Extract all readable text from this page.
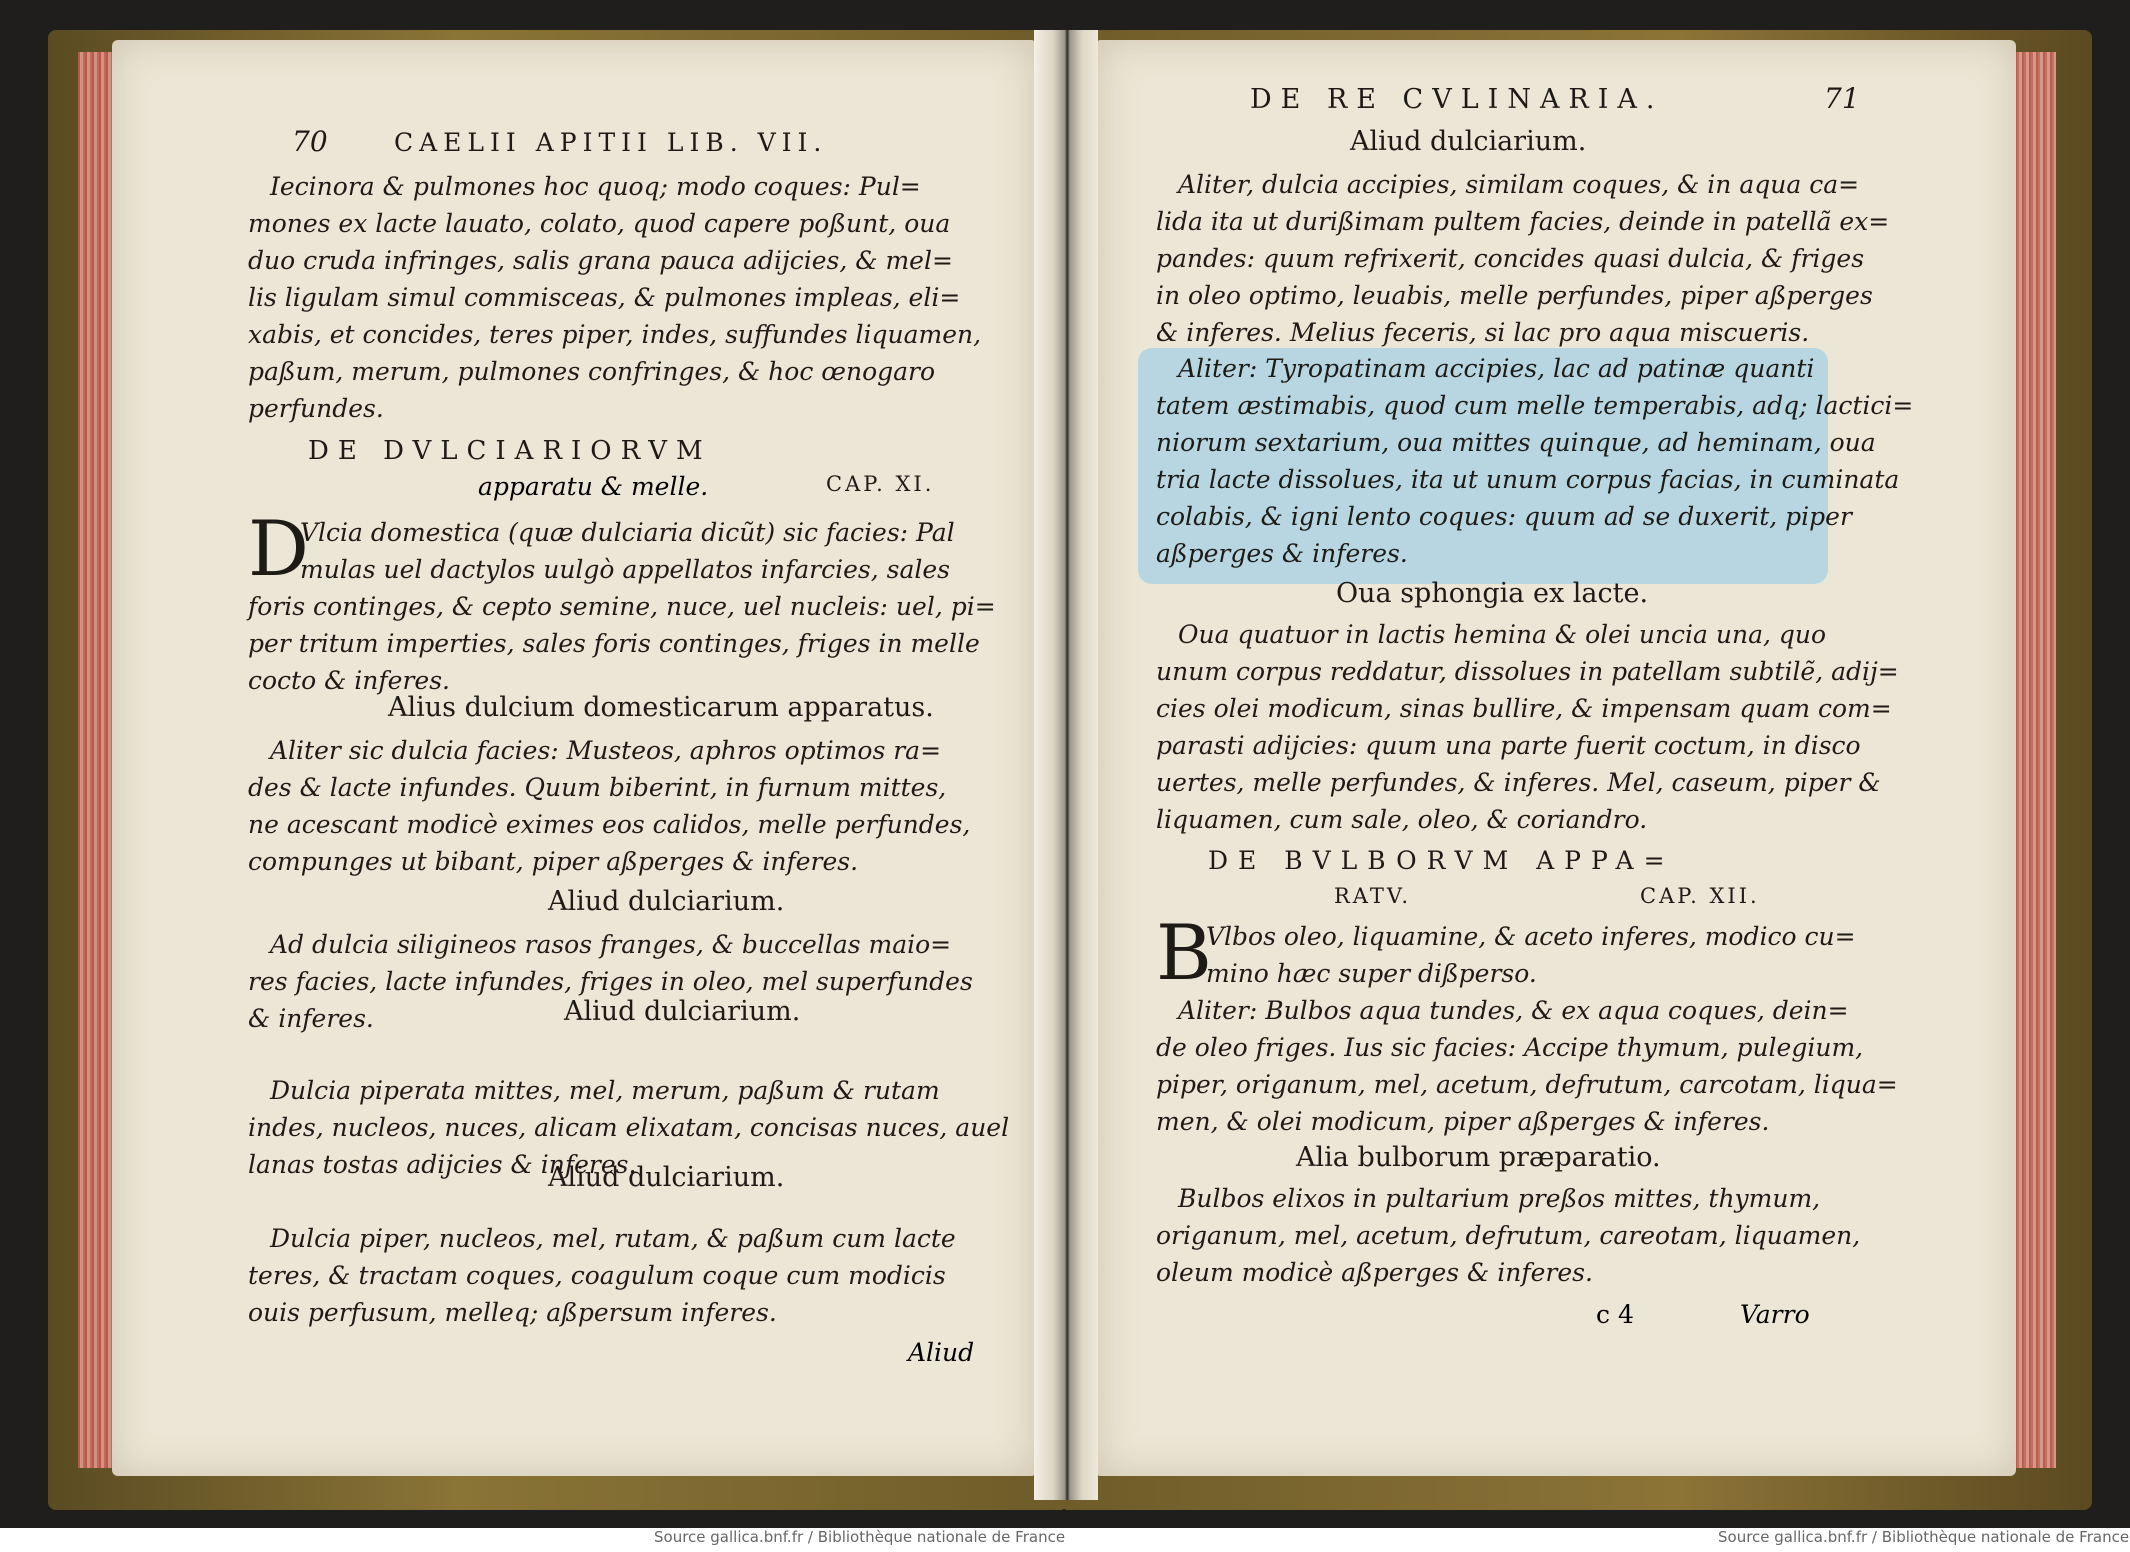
70	CAELII APITII LIB. VII.
Iecinora & pulmones hoc quoq; modo coques: Pul=
mones ex lacte lauato, colato, quod capere poßunt, oua
duo cruda infringes, salis grana pauca adijcies, & mel=
lis ligulam simul commisceas, & pulmones impleas, eli=
xabis, et concides, teres piper, indes, suffundes liquamen,
paßum, merum, pulmones confringes, & hoc œnogaro
perfundes.
DE DVLCIARIORVM
apparatu & melle.	CAP. XI.
D
Vlcia domestica (quæ dulciaria dicũt) sic facies: Pal
mulas uel dactylos uulgò appellatos infarcies, sales
foris continges, & cepto semine, nuce, uel nucleis: uel, pi=
per tritum imperties, sales foris continges, friges in melle
cocto & inferes.
Alius dulcium domesticarum apparatus.
Aliter sic dulcia facies: Musteos, aphros optimos ra=
des & lacte infundes. Quum biberint, in furnum mittes,
ne acescant modicè eximes eos calidos, melle perfundes,
compunges ut bibant, piper aßperges & inferes.
Aliud dulciarium.
Ad dulcia siligineos rasos franges, & buccellas maio=
res facies, lacte infundes, friges in oleo, mel superfundes
& inferes.	Aliud dulciarium.
Dulcia piperata mittes, mel, merum, paßum & rutam
indes, nucleos, nuces, alicam elixatam, concisas nuces, auel
lanas tostas adijcies & inferes.
Aliud dulciarium.
Dulcia piper, nucleos, mel, rutam, & paßum cum lacte
teres, & tractam coques, coagulum coque cum modicis
ouis perfusum, melleq; aßpersum inferes.
Aliud
DE RE CVLINARIA.	71
Aliud dulciarium.
Aliter, dulcia accipies, similam coques, & in aqua ca=
lida ita ut durißimam pultem facies, deinde in patellã ex=
pandes: quum refrixerit, concides quasi dulcia, & friges
in oleo optimo, leuabis, melle perfundes, piper aßperges
& inferes. Melius feceris, si lac pro aqua miscueris.
Aliter: Tyropatinam accipies, lac ad patinæ quanti
tatem æstimabis, quod cum melle temperabis, adq; lactici=
niorum sextarium, oua mittes quinque, ad heminam, oua
tria lacte dissolues, ita ut unum corpus facias, in cuminata
colabis, & igni lento coques: quum ad se duxerit, piper
aßperges & inferes.
Oua sphongia ex lacte.
Oua quatuor in lactis hemina & olei uncia una, quo
unum corpus reddatur, dissolues in patellam subtilẽ, adij=
cies olei modicum, sinas bullire, & impensam quam com=
parasti adijcies: quum una parte fuerit coctum, in disco
uertes, melle perfundes, & inferes. Mel, caseum, piper &
liquamen, cum sale, oleo, & coriandro.
DE BVLBORVM APPA=
RATV.	CAP. XII.
B
Vlbos oleo, liquamine, & aceto inferes, modico cu=
mino hæc super dißperso.
Aliter: Bulbos aqua tundes, & ex aqua coques, dein=
de oleo friges. Ius sic facies: Accipe thymum, pulegium,
piper, origanum, mel, acetum, defrutum, carcotam, liqua=
men, & olei modicum, piper aßperges & inferes.
Alia bulborum præparatio.
Bulbos elixos in pultarium preßos mittes, thymum,
origanum, mel, acetum, defrutum, careotam, liquamen,
oleum modicè aßperges & inferes.
c 4	Varro
Source gallica.bnf.fr / Bibliothèque nationale de France	Source gallica.bnf.fr / Bibliothèque nationale de France
